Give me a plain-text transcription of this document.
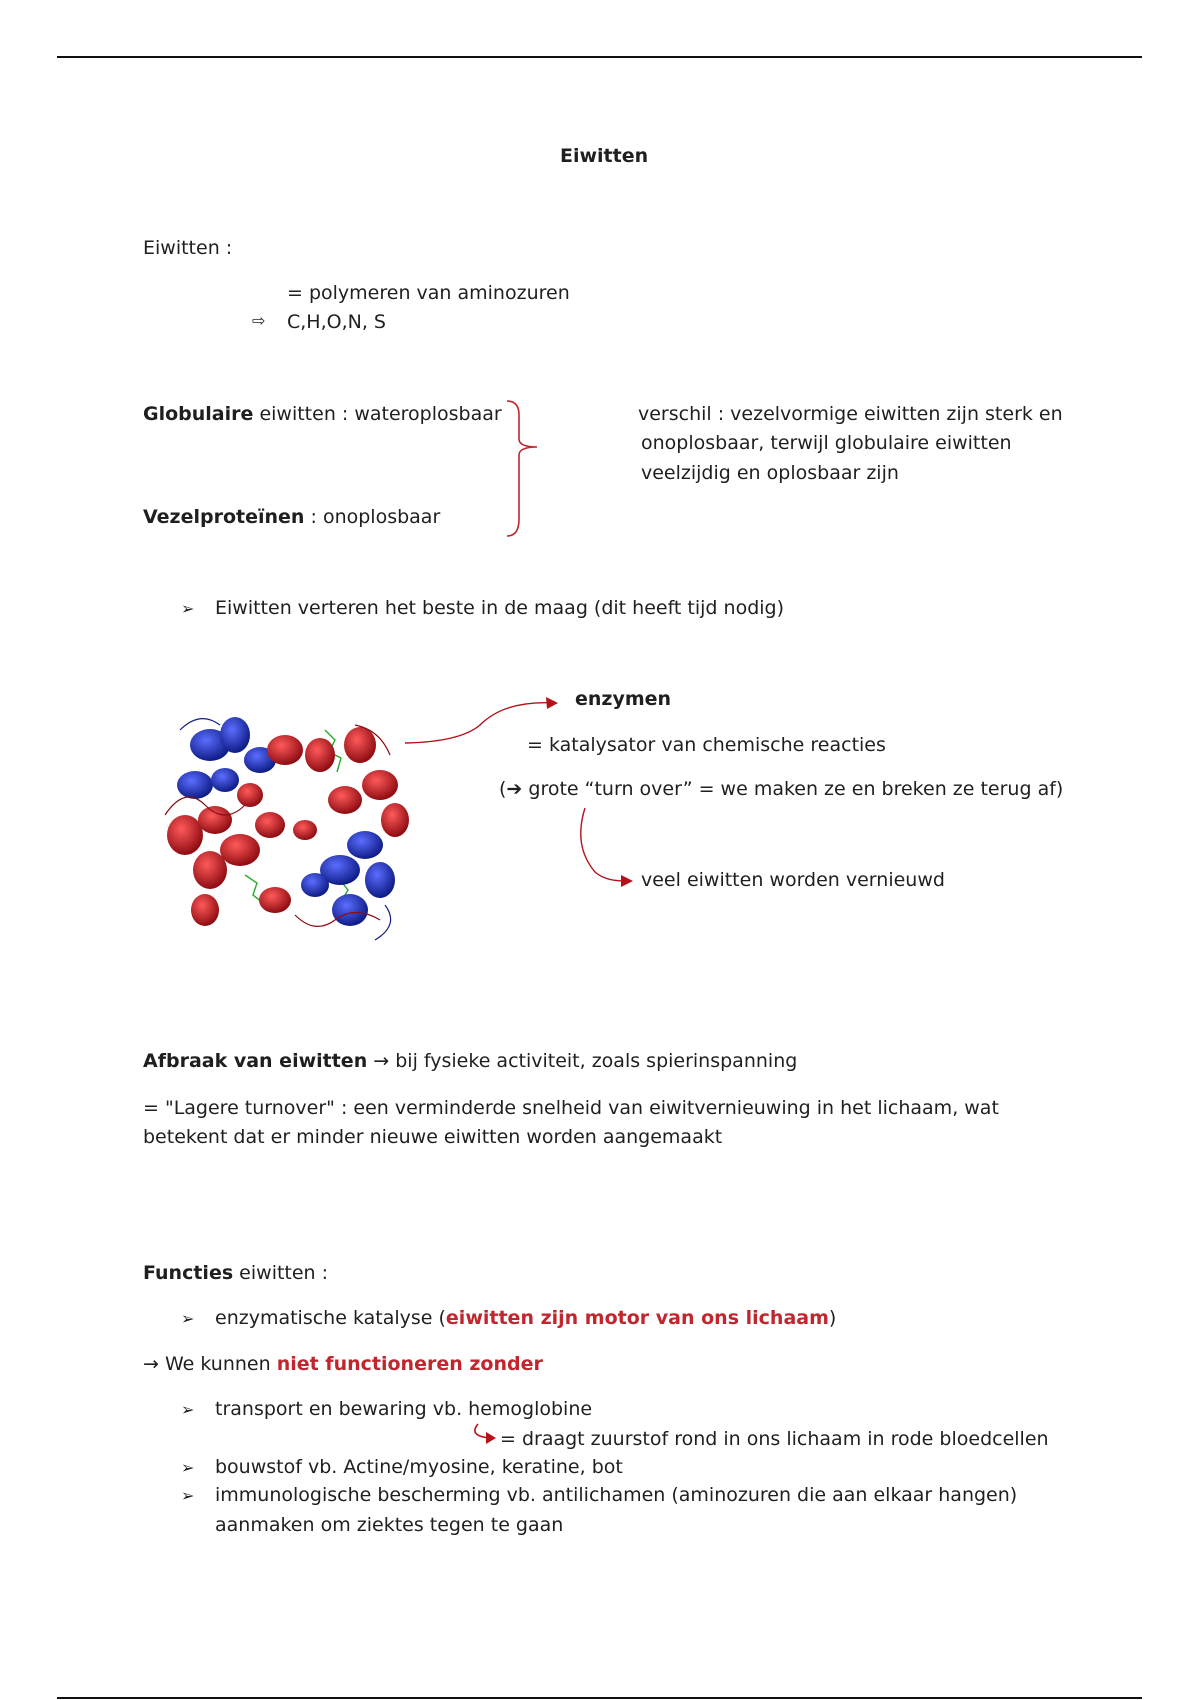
Eiwitten
Eiwitten :
= polymeren van aminozuren
⇨ C,H,O,N, S
Globulaire eiwitten : wateroplosbaar
Vezelproteïnen : onoplosbaar
verschil : vezelvormige eiwitten zijn sterk en
onoplosbaar, terwijl globulaire eiwitten
veelzijdig en oplosbaar zijn
➢ Eiwitten verteren het beste in de maag (dit heeft tijd nodig)
enzymen
= katalysator van chemische reacties
(➔ grote “turn over” = we maken ze en breken ze terug af)
veel eiwitten worden vernieuwd
Afbraak van eiwitten → bij fysieke activiteit, zoals spierinspanning
= "Lagere turnover" : een verminderde snelheid van eiwitvernieuwing in het lichaam, wat
betekent dat er minder nieuwe eiwitten worden aangemaakt
Functies eiwitten :
➢ enzymatische katalyse (eiwitten zijn motor van ons lichaam)
→ We kunnen niet functioneren zonder
➢ transport en bewaring vb. hemoglobine
= draagt zuurstof rond in ons lichaam in rode bloedcellen
➢ bouwstof vb. Actine/myosine, keratine, bot
➢ immunologische bescherming vb. antilichamen (aminozuren die aan elkaar hangen)
aanmaken om ziektes tegen te gaan
